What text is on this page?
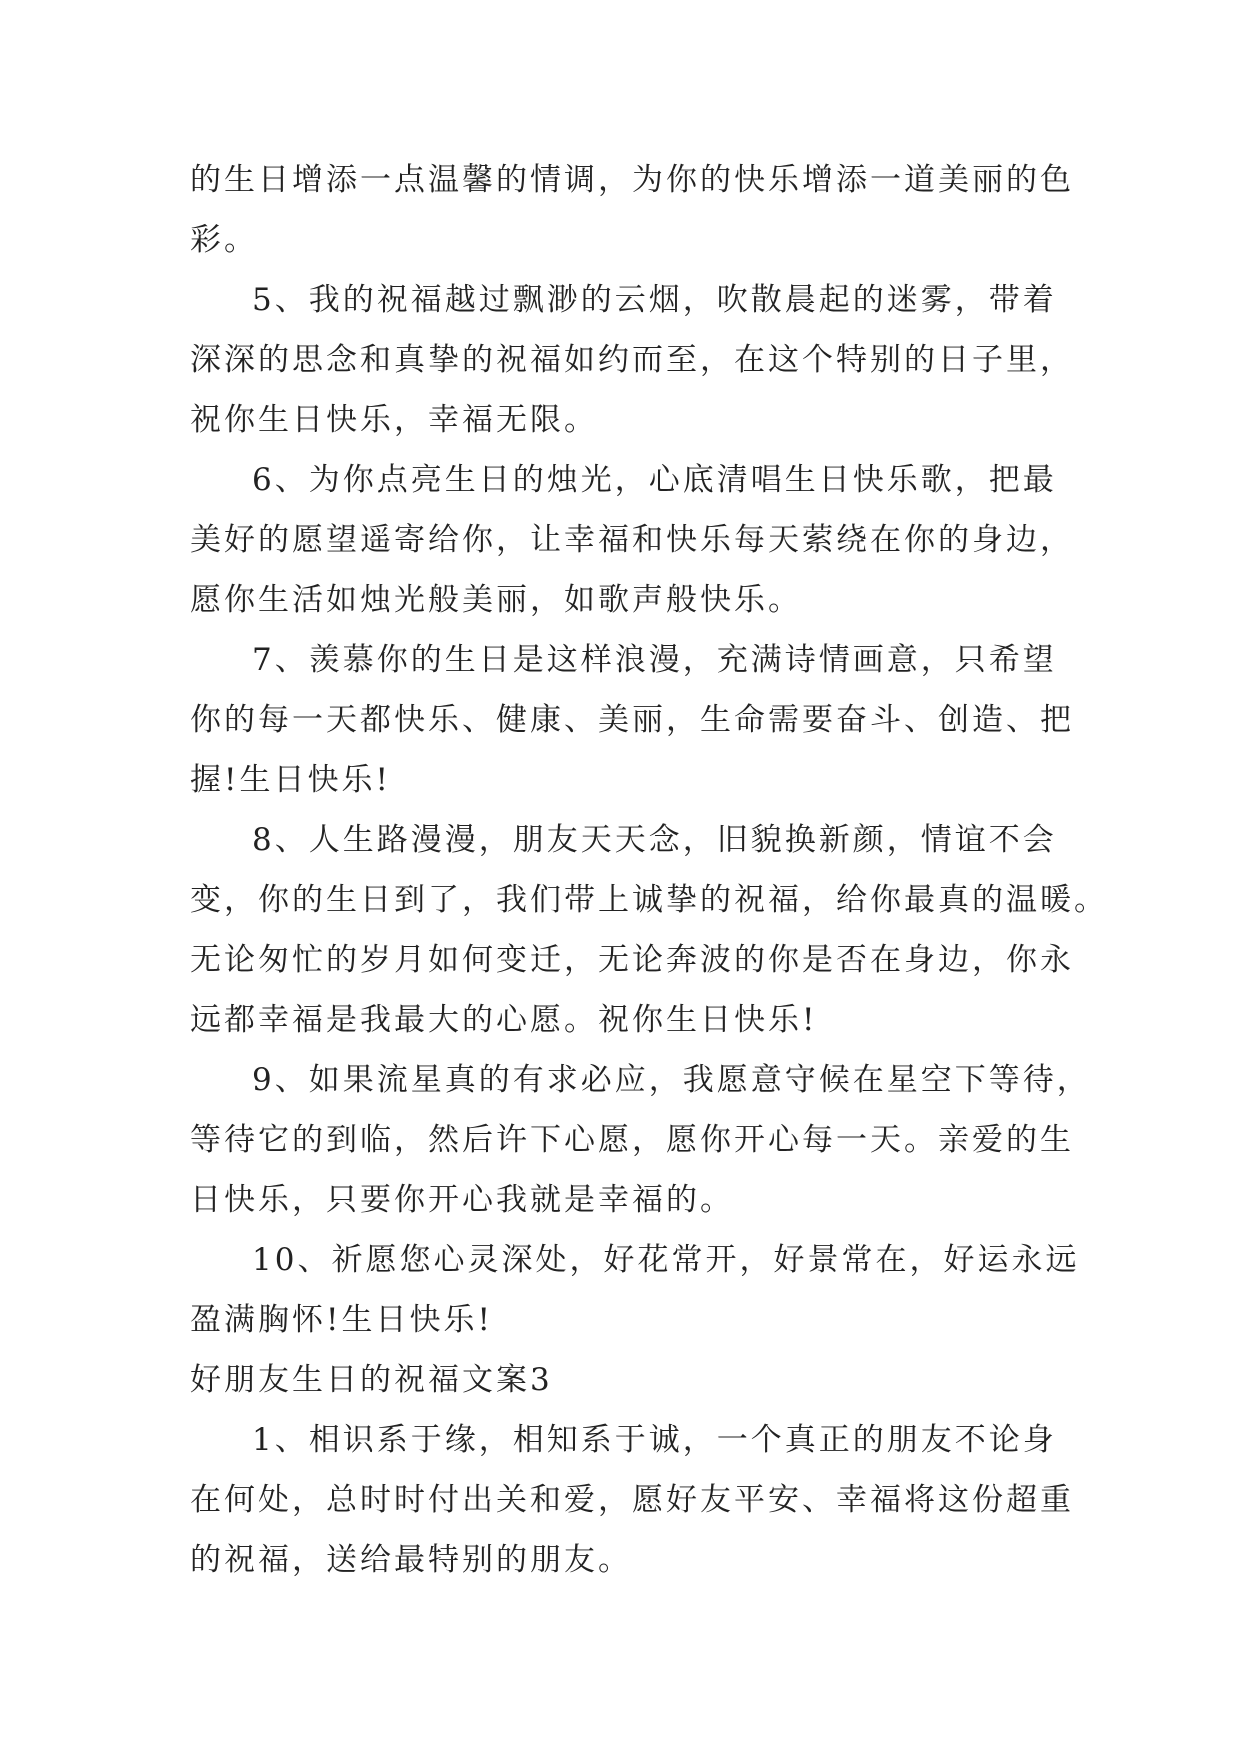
的生日增添一点温馨的情调，为你的快乐增添一道美丽的色
彩。
5、我的祝福越过飘渺的云烟，吹散晨起的迷雾，带着
深深的思念和真挚的祝福如约而至，在这个特别的日子里，
祝你生日快乐，幸福无限。
6、为你点亮生日的烛光，心底清唱生日快乐歌，把最
美好的愿望遥寄给你，让幸福和快乐每天萦绕在你的身边，
愿你生活如烛光般美丽，如歌声般快乐。
7、羡慕你的生日是这样浪漫，充满诗情画意，只希望
你的每一天都快乐、健康、美丽，生命需要奋斗、创造、把
握!生日快乐!
8、人生路漫漫，朋友天天念，旧貌换新颜，情谊不会
变，你的生日到了，我们带上诚挚的祝福，给你最真的温暖。
无论匆忙的岁月如何变迁，无论奔波的你是否在身边，你永
远都幸福是我最大的心愿。祝你生日快乐!
9、如果流星真的有求必应，我愿意守候在星空下等待，
等待它的到临，然后许下心愿，愿你开心每一天。亲爱的生
日快乐，只要你开心我就是幸福的。
10、祈愿您心灵深处，好花常开，好景常在，好运永远
盈满胸怀!生日快乐!
好朋友生日的祝福文案3
1、相识系于缘，相知系于诚，一个真正的朋友不论身
在何处，总时时付出关和爱，愿好友平安、幸福将这份超重
的祝福，送给最特别的朋友。
